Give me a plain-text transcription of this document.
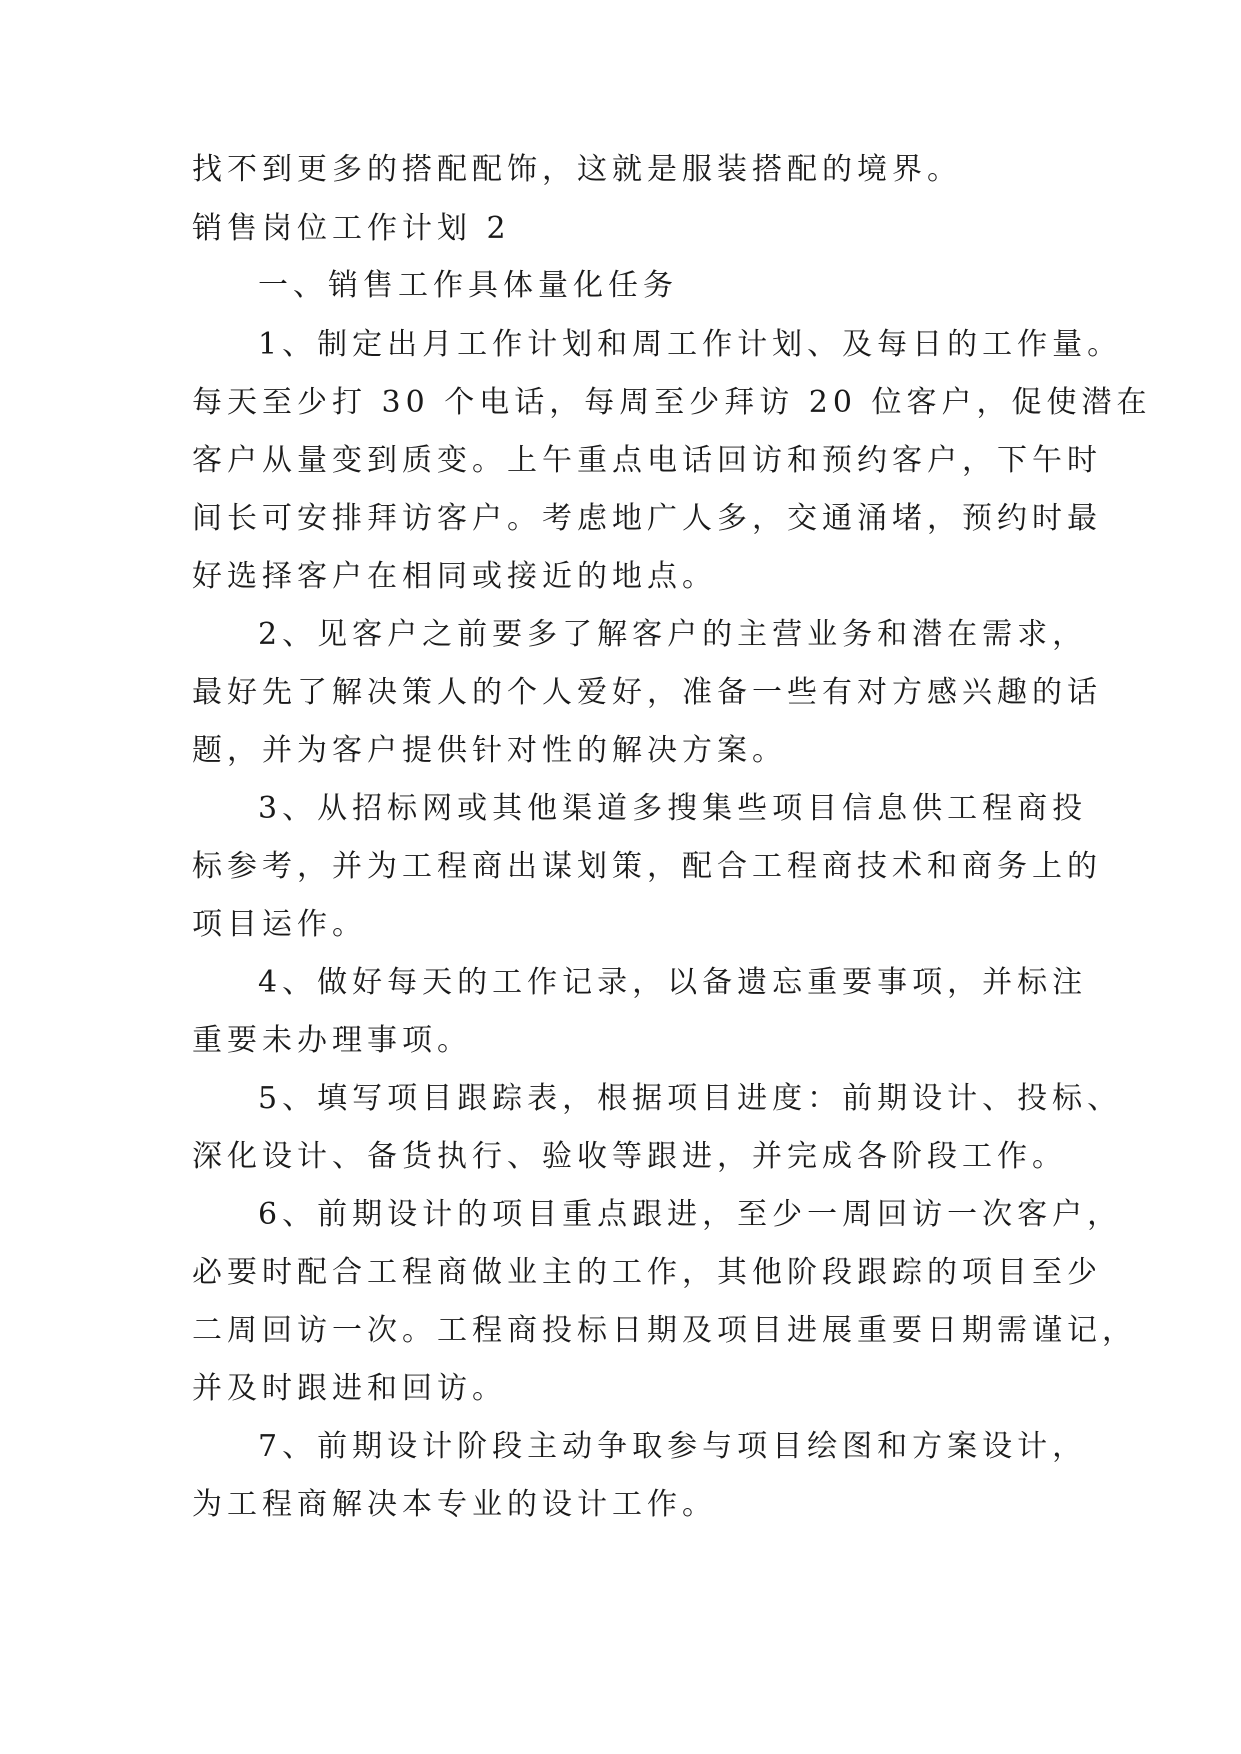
找不到更多的搭配配饰，这就是服装搭配的境界。

销售岗位工作计划 2

一、销售工作具体量化任务

1、制定出月工作计划和周工作计划、及每日的工作量。

每天至少打 30 个电话，每周至少拜访 20 位客户，促使潜在

客户从量变到质变。上午重点电话回访和预约客户，下午时

间长可安排拜访客户。考虑地广人多，交通涌堵，预约时最

好选择客户在相同或接近的地点。

2、见客户之前要多了解客户的主营业务和潜在需求，

最好先了解决策人的个人爱好，准备一些有对方感兴趣的话

题，并为客户提供针对性的解决方案。

3、从招标网或其他渠道多搜集些项目信息供工程商投

标参考，并为工程商出谋划策，配合工程商技术和商务上的

项目运作。

4、做好每天的工作记录，以备遗忘重要事项，并标注

重要未办理事项。

5、填写项目跟踪表，根据项目进度：前期设计、投标、

深化设计、备货执行、验收等跟进，并完成各阶段工作。

6、前期设计的项目重点跟进，至少一周回访一次客户，

必要时配合工程商做业主的工作，其他阶段跟踪的项目至少

二周回访一次。工程商投标日期及项目进展重要日期需谨记，

并及时跟进和回访。

7、前期设计阶段主动争取参与项目绘图和方案设计，

为工程商解决本专业的设计工作。
